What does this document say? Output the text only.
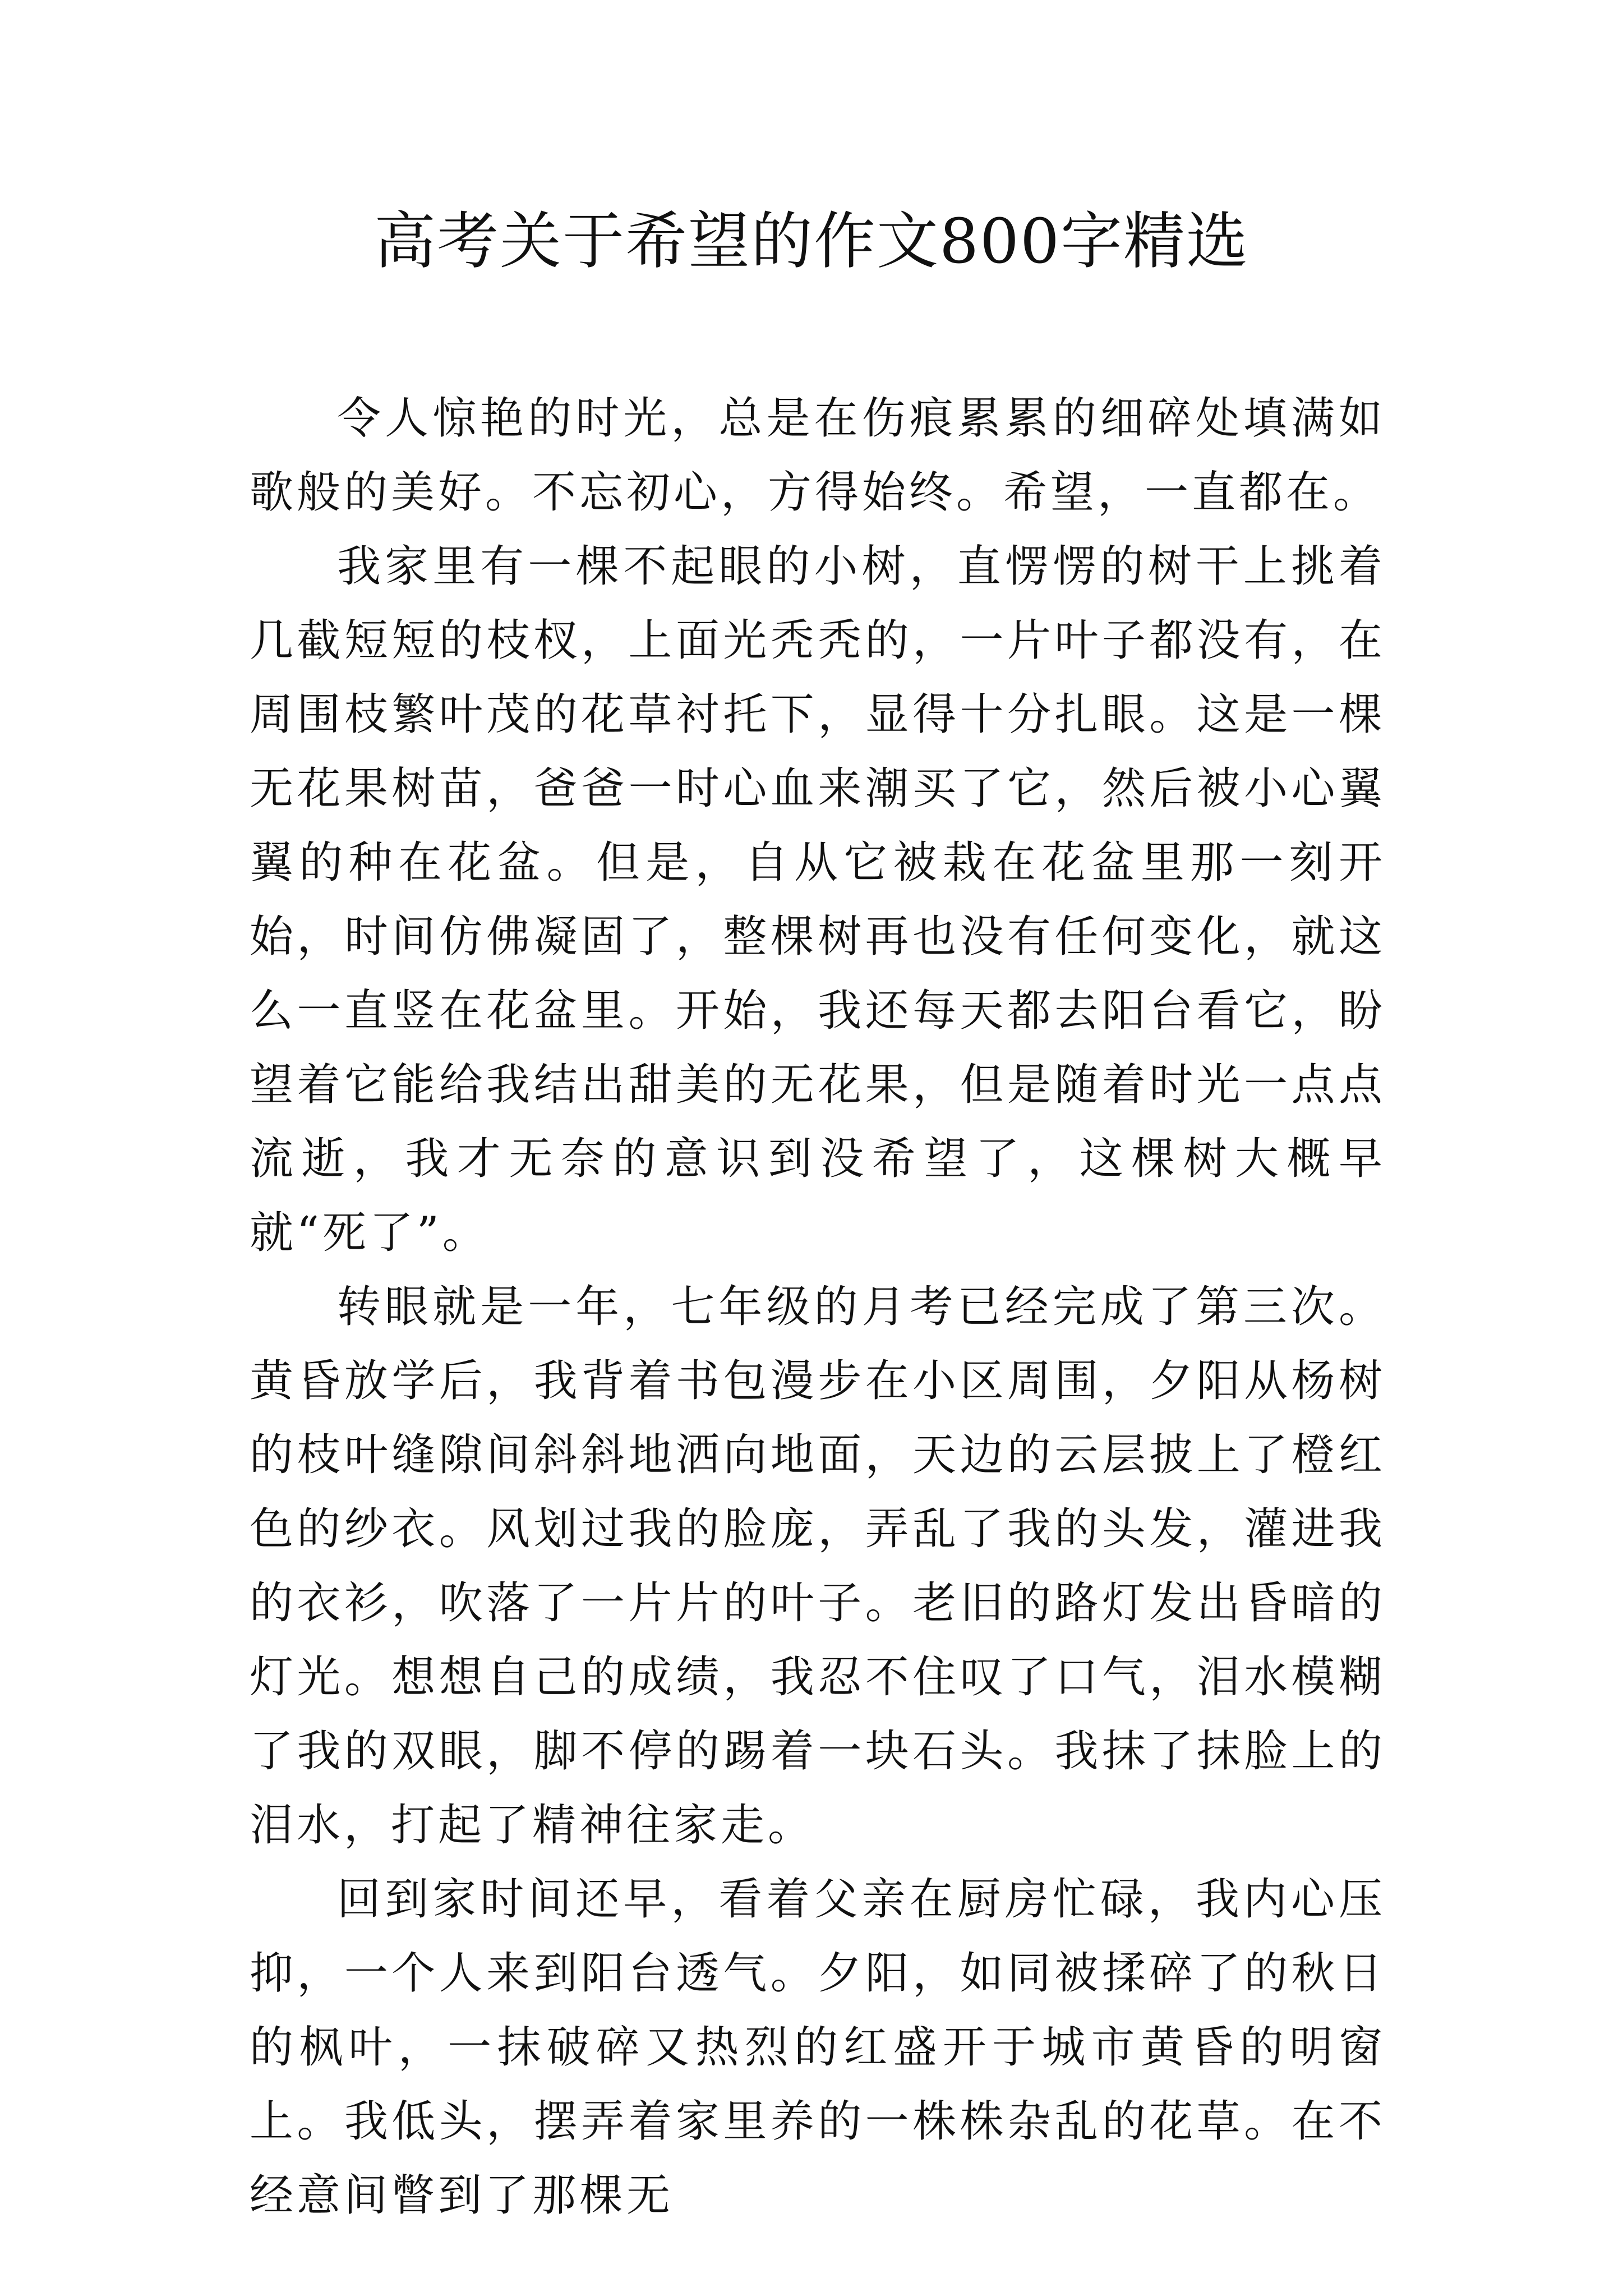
高考关于希望的作文800字精选

令人惊艳的时光，总是在伤痕累累的细碎处填满如歌般的美好。不忘初心，方得始终。希望，一直都在。

我家里有一棵不起眼的小树，直愣愣的树干上挑着几截短短的枝杈，上面光秃秃的，一片叶子都没有，在周围枝繁叶茂的花草衬托下，显得十分扎眼。这是一棵无花果树苗，爸爸一时心血来潮买了它，然后被小心翼翼的种在花盆。但是，自从它被栽在花盆里那一刻开始，时间仿佛凝固了，整棵树再也没有任何变化，就这么一直竖在花盆里。开始，我还每天都去阳台看它，盼望着它能给我结出甜美的无花果，但是随着时光一点点流逝，我才无奈的意识到没希望了，这棵树大概早就“死了”。

转眼就是一年，七年级的月考已经完成了第三次。黄昏放学后，我背着书包漫步在小区周围，夕阳从杨树的枝叶缝隙间斜斜地洒向地面，天边的云层披上了橙红色的纱衣。风划过我的脸庞，弄乱了我的头发，灌进我的衣衫，吹落了一片片的叶子。老旧的路灯发出昏暗的灯光。想想自己的成绩，我忍不住叹了口气，泪水模糊了我的双眼，脚不停的踢着一块石头。我抹了抹脸上的泪水，打起了精神往家走。

回到家时间还早，看着父亲在厨房忙碌，我内心压抑，一个人来到阳台透气。夕阳，如同被揉碎了的秋日的枫叶，一抹破碎又热烈的红盛开于城市黄昏的明窗上。我低头，摆弄着家里养的一株株杂乱的花草。在不经意间瞥到了那棵无
